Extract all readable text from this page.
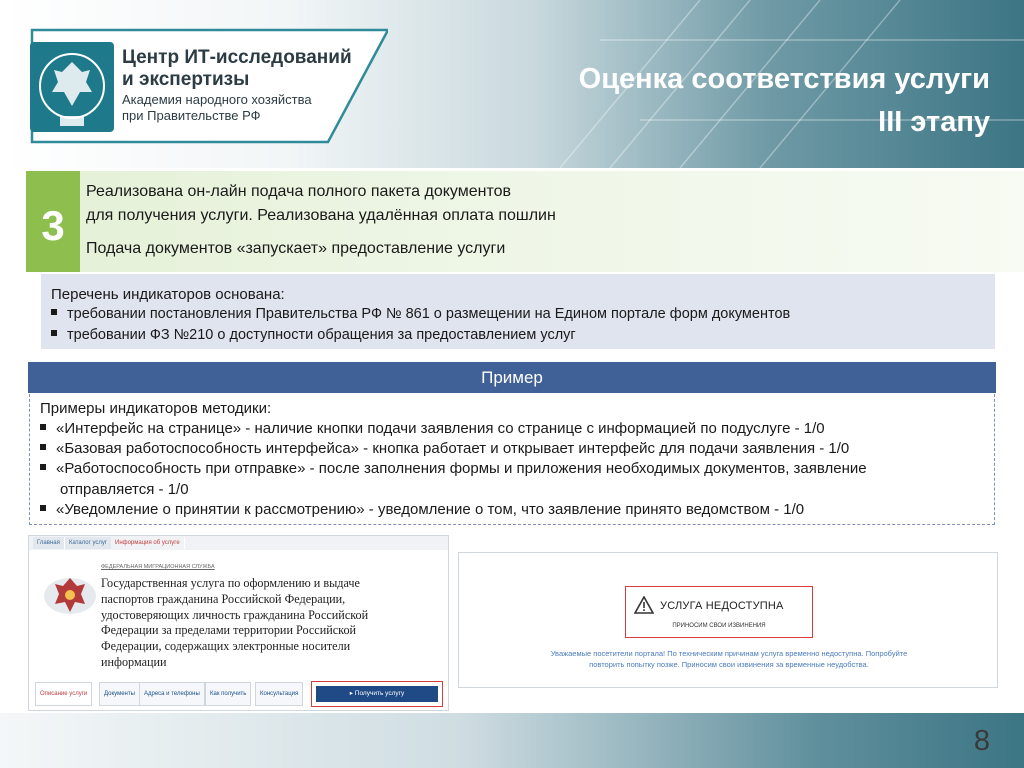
Центр ИТ-исследований
и экспертизы
Академия народного хозяйства
при Правительстве РФ
Оценка соответствия услуги
III этапу
3
Реализована он-лайн подача полного пакета документов
для получения услуги. Реализована удалённая оплата пошлин
Подача документов «запускает» предоставление услуги
Перечень индикаторов основана:
требовании постановления Правительства РФ № 861 о размещении на Едином портале форм документов
требовании ФЗ №210 о доступности обращения за предоставлением услуг
Пример
Примеры индикаторов методики:
«Интерфейс на странице» - наличие кнопки подачи заявления со странице с информацией по подуслуге - 1/0
«Базовая работоспособность интерфейса» - кнопка работает и открывает интерфейс для подачи заявления - 1/0
«Работоспособность при отправке» - после заполнения формы и приложения необходимых документов, заявление
отправляется - 1/0
«Уведомление о принятии к рассмотрению» - уведомление о том, что заявление принято ведомством - 1/0
Главная	Каталог услуг	Информация об услуге
ФЕДЕРАЛЬНАЯ МИГРАЦИОННАЯ СЛУЖБА
Государственная услуга по оформлению и выдаче
паспортов гражданина Российской Федерации,
удостоверяющих личность гражданина Российской
Федерации за пределами территории Российской
Федерации, содержащих электронные носители
информации
Описание услуги	Документы	Адреса и телефоны	Как получить	Консультация	▸ Получить услугу
УСЛУГА НЕДОСТУПНА
ПРИНОСИМ СВОИ ИЗВИНЕНИЯ
Уважаемые посетители портала! По техническим причинам услуга временно недоступна. Попробуйте
повторить попытку позже. Приносим свои извинения за временные неудобства.
8
